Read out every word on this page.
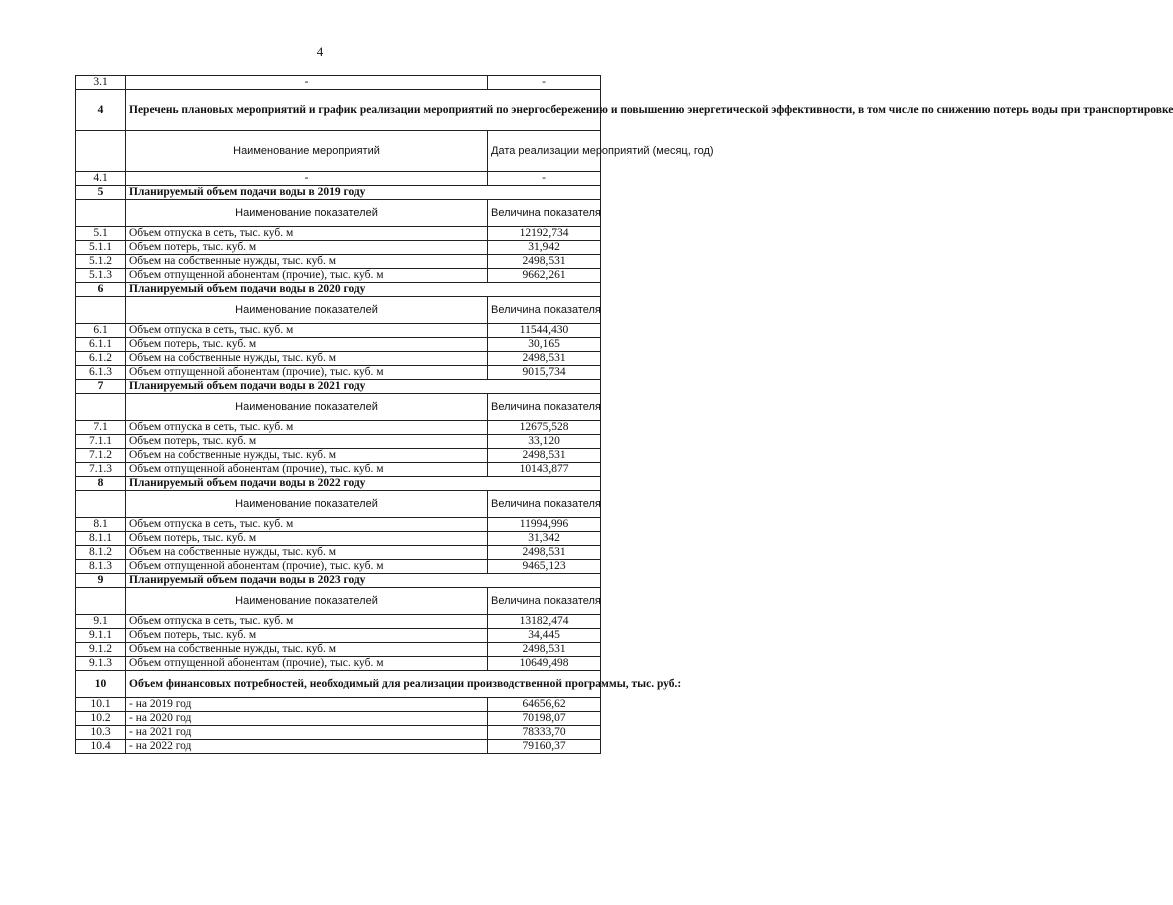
4
3.1	-	-
4	Перечень плановых мероприятий и график реализации мероприятий по энергосбережению и повышению энергетической эффективности, в том числе по снижению потерь воды при транспортировке	
	Наименование мероприятий	Дата реализации мероприятий (месяц, год)
4.1	-	-
5	Планируемый объем подачи воды в 2019 году	
	Наименование показателей	Величина показателя
5.1	Объем отпуска в сеть, тыс. куб. м	12192,734
5.1.1	Объем потерь, тыс. куб. м	31,942
5.1.2	Объем на собственные нужды, тыс. куб. м	2498,531
5.1.3	Объем отпущенной абонентам (прочие), тыс. куб. м	9662,261
6	Планируемый объем подачи воды в 2020 году	
	Наименование показателей	Величина показателя
6.1	Объем отпуска в сеть, тыс. куб. м	11544,430
6.1.1	Объем потерь, тыс. куб. м	30,165
6.1.2	Объем на собственные нужды, тыс. куб. м	2498,531
6.1.3	Объем отпущенной абонентам (прочие), тыс. куб. м	9015,734
7	Планируемый объем подачи воды в 2021 году	
	Наименование показателей	Величина показателя
7.1	Объем отпуска в сеть, тыс. куб. м	12675,528
7.1.1	Объем потерь, тыс. куб. м	33,120
7.1.2	Объем на собственные нужды, тыс. куб. м	2498,531
7.1.3	Объем отпущенной абонентам (прочие), тыс. куб. м	10143,877
8	Планируемый объем подачи воды в 2022 году	
	Наименование показателей	Величина показателя
8.1	Объем отпуска в сеть, тыс. куб. м	11994,996
8.1.1	Объем потерь, тыс. куб. м	31,342
8.1.2	Объем на собственные нужды, тыс. куб. м	2498,531
8.1.3	Объем отпущенной абонентам (прочие), тыс. куб. м	9465,123
9	Планируемый объем подачи воды в 2023 году	
	Наименование показателей	Величина показателя
9.1	Объем отпуска в сеть, тыс. куб. м	13182,474
9.1.1	Объем потерь, тыс. куб. м	34,445
9.1.2	Объем на собственные нужды, тыс. куб. м	2498,531
9.1.3	Объем отпущенной абонентам (прочие), тыс. куб. м	10649,498
10	Объем финансовых потребностей, необходимый для реализации производственной программы, тыс. руб.:	
10.1	- на 2019 год	64656,62
10.2	- на 2020 год	70198,07
10.3	- на 2021 год	78333,70
10.4	- на 2022 год	79160,37
